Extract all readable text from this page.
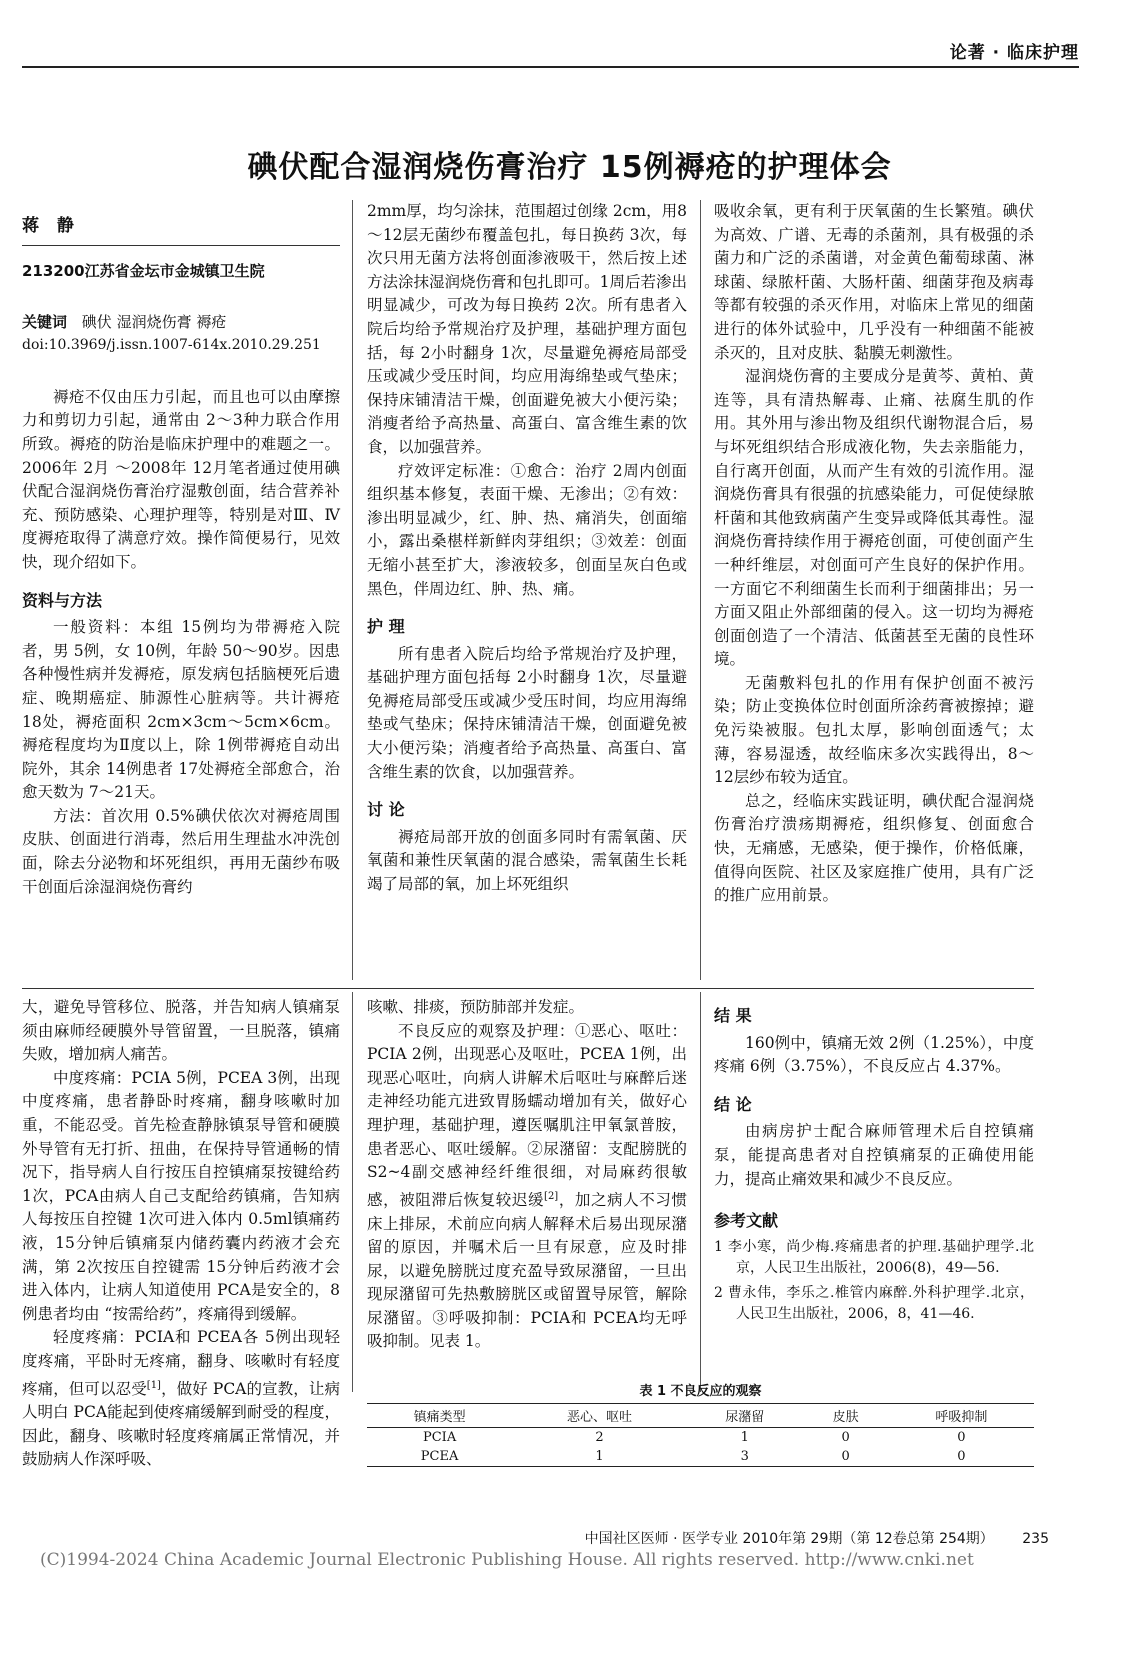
论著 · 临床护理
碘伏配合湿润烧伤膏治疗 15例褥疮的护理体会
蒋 静
213200江苏省金坛市金城镇卫生院
关键词 碘伏 湿润烧伤膏 褥疮
doi:10.3969/j.issn.1007-614x.2010.29.251

褥疮不仅由压力引起，而且也可以由摩擦力和剪切力引起，通常由 2～3种力联合作用所致。褥疮的防治是临床护理中的难题之一。2006年 2月 ～2008年 12月笔者通过使用碘伏配合湿润烧伤膏治疗湿敷创面，结合营养补充、预防感染、心理护理等，特别是对Ⅲ、Ⅳ度褥疮取得了满意疗效。操作简便易行，见效快，现介绍如下。

资料与方法

一般资料：本组 15例均为带褥疮入院者，男 5例，女 10例，年龄 50～90岁。因患各种慢性病并发褥疮，原发病包括脑梗死后遗症、晚期癌症、肺源性心脏病等。共计褥疮 18处，褥疮面积 2cm×3cm～5cm×6cm。褥疮程度均为Ⅱ度以上，除 1例带褥疮自动出院外，其余 14例患者 17处褥疮全部愈合，治愈天数为 7～21天。

方法：首次用 0.5%碘伏依次对褥疮周围皮肤、创面进行消毒，然后用生理盐水冲洗创面，除去分泌物和坏死组织，再用无菌纱布吸干创面后涂湿润烧伤膏约

2mm厚，均匀涂抹，范围超过创缘 2cm，用8～12层无菌纱布覆盖包扎，每日换药 3次，每次只用无菌方法将创面渗液吸干，然后按上述方法涂抹湿润烧伤膏和包扎即可。1周后若渗出明显减少，可改为每日换药 2次。所有患者入院后均给予常规治疗及护理，基础护理方面包括，每 2小时翻身 1次，尽量避免褥疮局部受压或减少受压时间，均应用海绵垫或气垫床；保持床铺清洁干燥，创面避免被大小便污染；消瘦者给予高热量、高蛋白、富含维生素的饮食，以加强营养。

疗效评定标准：①愈合：治疗 2周内创面组织基本修复，表面干燥、无渗出；②有效：渗出明显减少，红、肿、热、痛消失，创面缩小，露出桑椹样新鲜肉芽组织；③效差：创面无缩小甚至扩大，渗液较多，创面呈灰白色或黑色，伴周边红、肿、热、痛。

护 理

所有患者入院后均给予常规治疗及护理，基础护理方面包括每 2小时翻身 1次，尽量避免褥疮局部受压或减少受压时间，均应用海绵垫或气垫床；保持床铺清洁干燥，创面避免被大小便污染；消瘦者给予高热量、高蛋白、富含维生素的饮食，以加强营养。

讨 论

褥疮局部开放的创面多同时有需氧菌、厌氧菌和兼性厌氧菌的混合感染，需氧菌生长耗竭了局部的氧，加上坏死组织

吸收余氧，更有利于厌氧菌的生长繁殖。碘伏为高效、广谱、无毒的杀菌剂，具有极强的杀菌力和广泛的杀菌谱，对金黄色葡萄球菌、淋球菌、绿脓杆菌、大肠杆菌、细菌芽孢及病毒等都有较强的杀灭作用，对临床上常见的细菌进行的体外试验中，几乎没有一种细菌不能被杀灭的，且对皮肤、黏膜无刺激性。

湿润烧伤膏的主要成分是黄芩、黄柏、黄连等，具有清热解毒、止痛、祛腐生肌的作用。其外用与渗出物及组织代谢物混合后，易与坏死组织结合形成液化物，失去亲脂能力，自行离开创面，从而产生有效的引流作用。湿润烧伤膏具有很强的抗感染能力，可促使绿脓杆菌和其他致病菌产生变异或降低其毒性。湿润烧伤膏持续作用于褥疮创面，可使创面产生一种纤维层，对创面可产生良好的保护作用。一方面它不利细菌生长而利于细菌排出；另一方面又阻止外部细菌的侵入。这一切均为褥疮创面创造了一个清洁、低菌甚至无菌的良性环境。

无菌敷料包扎的作用有保护创面不被污染；防止变换体位时创面所涂药膏被擦掉；避免污染被服。包扎太厚，影响创面透气；太薄，容易湿透，故经临床多次实践得出，8～12层纱布较为适宜。

总之，经临床实践证明，碘伏配合湿润烧伤膏治疗溃疡期褥疮，组织修复、创面愈合快，无痛感，无感染，便于操作，价格低廉，值得向医院、社区及家庭推广使用，具有广泛的推广应用前景。

大，避免导管移位、脱落，并告知病人镇痛泵须由麻师经硬膜外导管留置，一旦脱落，镇痛失败，增加病人痛苦。

中度疼痛：PCIA 5例，PCEA 3例，出现中度疼痛，患者静卧时疼痛，翻身咳嗽时加重，不能忍受。首先检查静脉镇泵导管和硬膜外导管有无打折、扭曲，在保持导管通畅的情况下，指导病人自行按压自控镇痛泵按键给药 1次，PCA由病人自己支配给药镇痛，告知病人每按压自控键 1次可进入体内 0.5ml镇痛药液，15分钟后镇痛泵内储药囊内药液才会充满，第 2次按压自控键需 15分钟后药液才会进入体内，让病人知道使用 PCA是安全的，8例患者均由 “按需给药”，疼痛得到缓解。

轻度疼痛：PCIA和 PCEA各 5例出现轻度疼痛，平卧时无疼痛，翻身、咳嗽时有轻度疼痛，但可以忍受[1]，做好 PCA的宣教，让病人明白 PCA能起到使疼痛缓解到耐受的程度，因此，翻身、咳嗽时轻度疼痛属正常情况，并鼓励病人作深呼吸、

咳嗽、排痰，预防肺部并发症。

不良反应的观察及护理：①恶心、呕吐：PCIA 2例，出现恶心及呕吐，PCEA 1例，出现恶心呕吐，向病人讲解术后呕吐与麻醉后迷走神经功能亢进致胃肠蠕动增加有关，做好心理护理，基础护理，遵医嘱肌注甲氧氯普胺，患者恶心、呕吐缓解。②尿潴留：支配膀胱的 S2~4副交感神经纤维很细，对局麻药很敏感，被阻滞后恢复较迟缓[2]，加之病人不习惯床上排尿，术前应向病人解释术后易出现尿潴留的原因，并嘱术后一旦有尿意，应及时排尿，以避免膀胱过度充盈导致尿潴留，一旦出现尿潴留可先热敷膀胱区或留置导尿管，解除尿潴留。③呼吸抑制：PCIA和 PCEA均无呼吸抑制。见表 1。

结 果

160例中，镇痛无效 2例（1.25%），中度疼痛 6例（3.75%），不良反应占 4.37%。

结 论

由病房护士配合麻师管理术后自控镇痛泵，能提高患者对自控镇痛泵的正确使用能力，提高止痛效果和减少不良反应。

参考文献
1 李小寒，尚少梅.疼痛患者的护理.基础护理学.北京，人民卫生出版社，2006(8)，49—56.
2 曹永伟，李乐之.椎管内麻醉.外科护理学.北京，人民卫生出版社，2006，8，41—46.
表 1 不良反应的观察
镇痛类型	恶心、呕吐	尿潴留	皮肤	呼吸抑制
PCIA	2	1	0	0
PCEA	1	3	0	0
中国社区医师 · 医学专业 2010年第 29期（第 12卷总第 254期） 235
(C)1994-2024 China Academic Journal Electronic Publishing House. All rights reserved. http://www.cnki.net
